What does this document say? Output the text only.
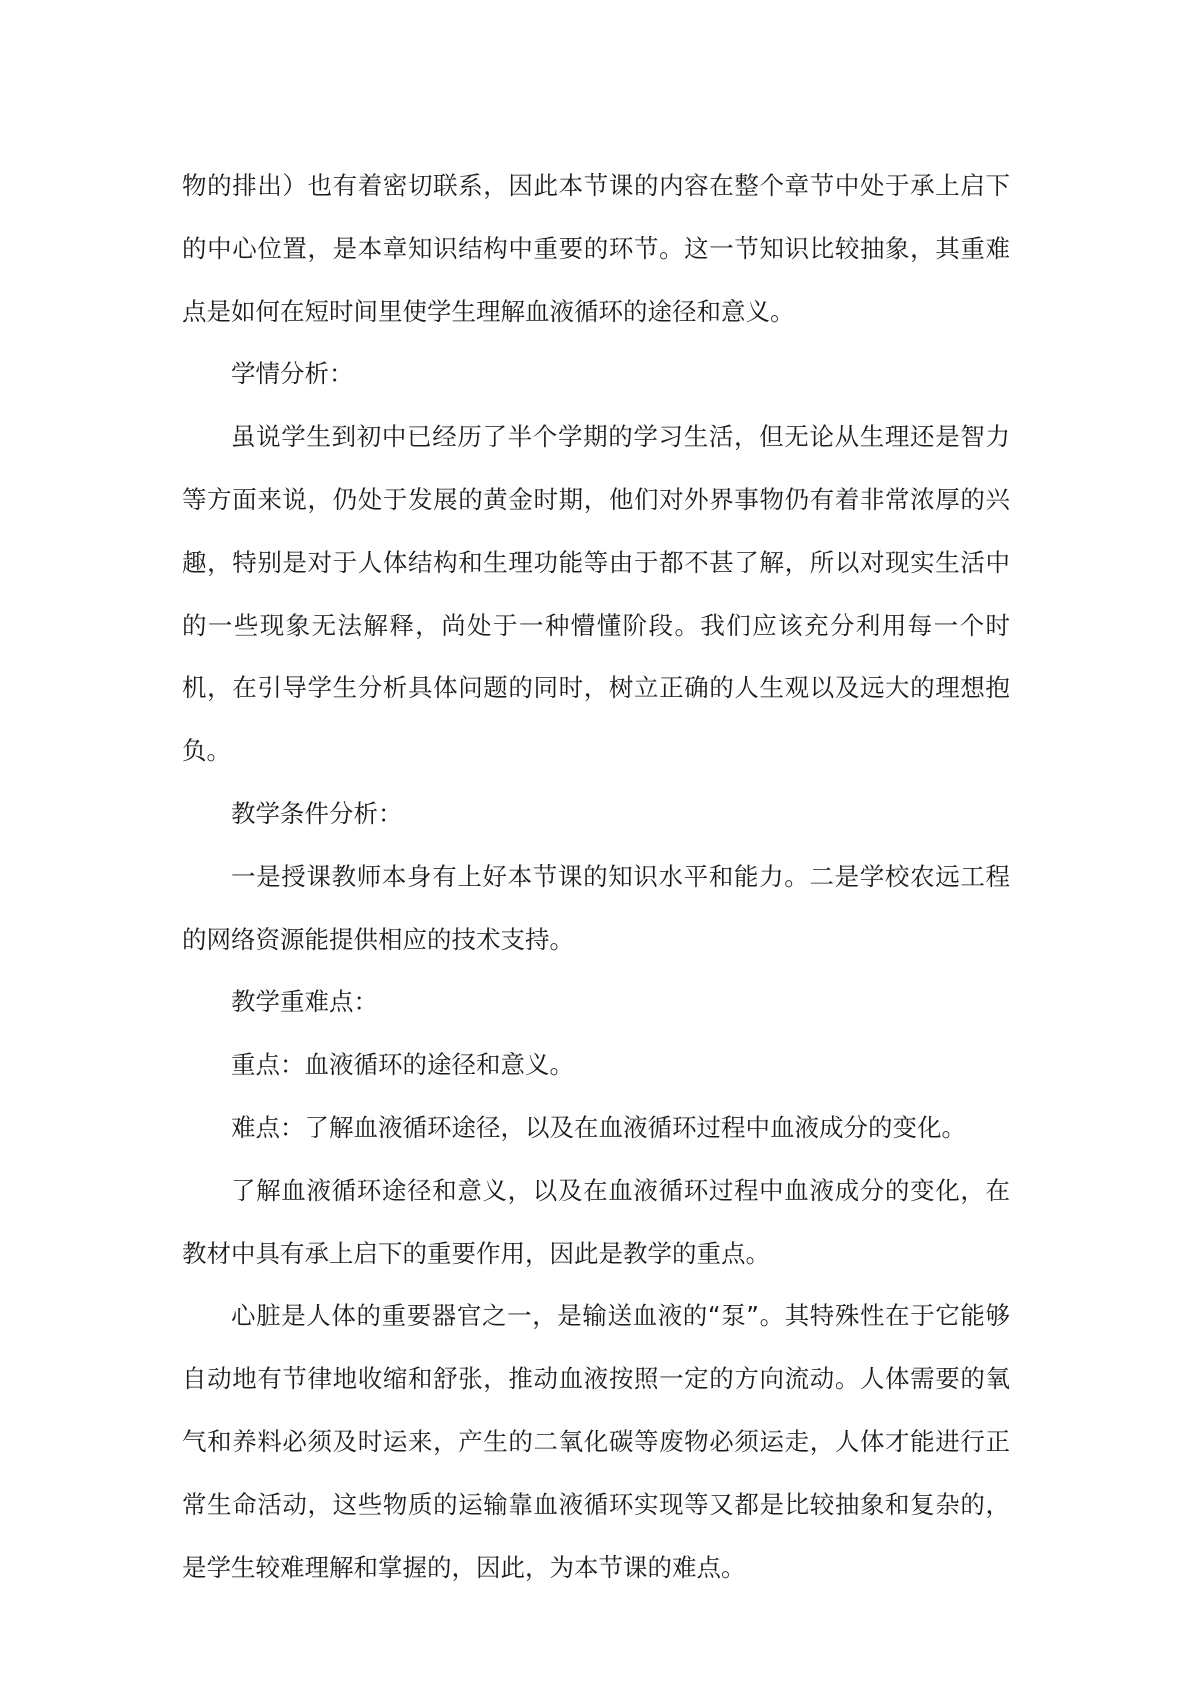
物的排出）也有着密切联系，因此本节课的内容在整个章节中处于承上启下的中心位置，是本章知识结构中重要的环节。这一节知识比较抽象，其重难点是如何在短时间里使学生理解血液循环的途径和意义。

学情分析：

虽说学生到初中已经历了半个学期的学习生活，但无论从生理还是智力等方面来说，仍处于发展的黄金时期，他们对外界事物仍有着非常浓厚的兴趣，特别是对于人体结构和生理功能等由于都不甚了解，所以对现实生活中的一些现象无法解释，尚处于一种懵懂阶段。我们应该充分利用每一个时机，在引导学生分析具体问题的同时，树立正确的人生观以及远大的理想抱负。

教学条件分析：

一是授课教师本身有上好本节课的知识水平和能力。二是学校农远工程的网络资源能提供相应的技术支持。

教学重难点：

重点：血液循环的途径和意义。

难点：了解血液循环途径，以及在血液循环过程中血液成分的变化。

了解血液循环途径和意义，以及在血液循环过程中血液成分的变化，在教材中具有承上启下的重要作用，因此是教学的重点。

心脏是人体的重要器官之一，是输送血液的“泵”。其特殊性在于它能够自动地有节律地收缩和舒张，推动血液按照一定的方向流动。人体需要的氧气和养料必须及时运来，产生的二氧化碳等废物必须运走，人体才能进行正常生命活动，这些物质的运输靠血液循环实现等又都是比较抽象和复杂的，是学生较难理解和掌握的，因此，为本节课的难点。
